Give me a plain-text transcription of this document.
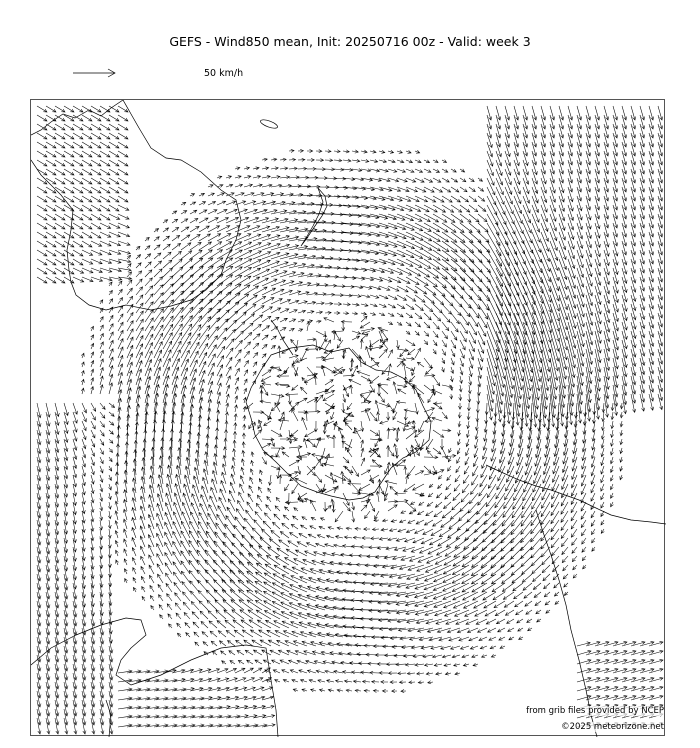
GEFS - Wind850 mean, Init: 20250716 00z - Valid: week 3
50 km/h
from grib files provided by NCEP
©2025 meteorizone.net
